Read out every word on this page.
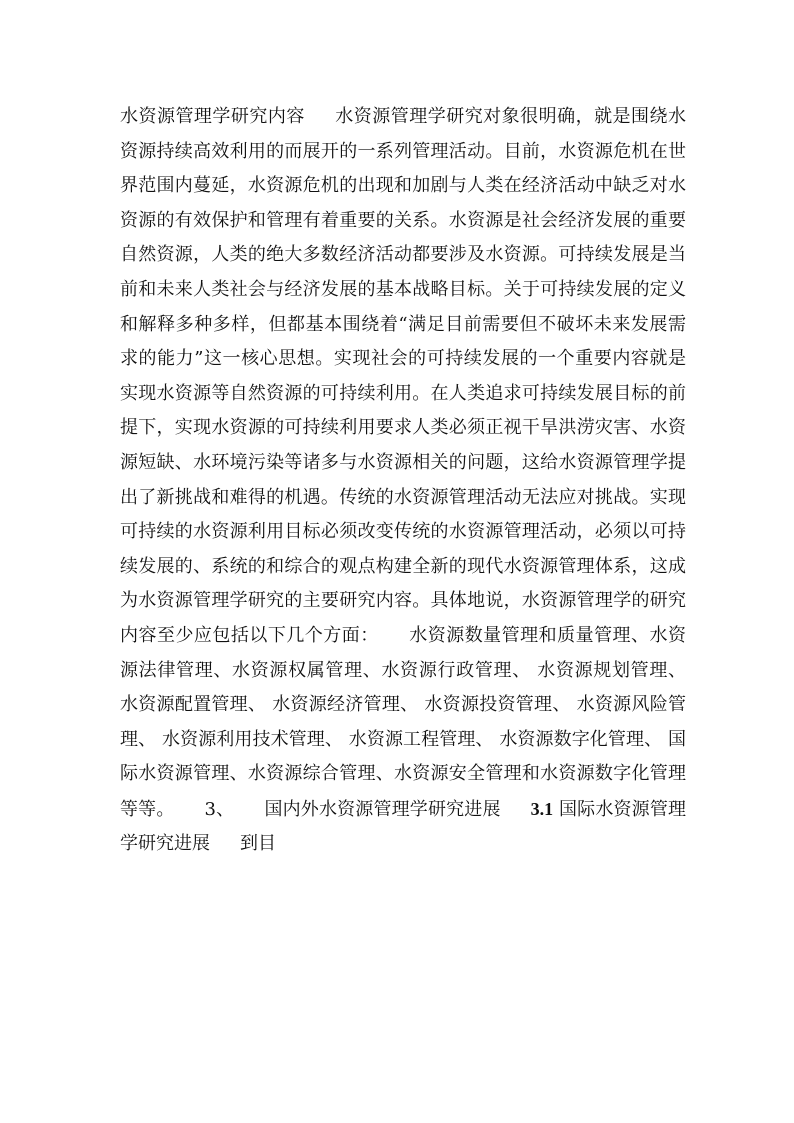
水资源管理学研究内容 水资源管理学研究对象很明确，就是围绕水资源持续高效利用的而展开的一系列管理活动。目前，水资源危机在世界范围内蔓延，水资源危机的出现和加剧与人类在经济活动中缺乏对水资源的有效保护和管理有着重要的关系。水资源是社会经济发展的重要自然资源，人类的绝大多数经济活动都要涉及水资源。可持续发展是当前和未来人类社会与经济发展的基本战略目标。关于可持续发展的定义和解释多种多样，但都基本围绕着“满足目前需要但不破坏未来发展需求的能力”这一核心思想。实现社会的可持续发展的一个重要内容就是实现水资源等自然资源的可持续利用。在人类追求可持续发展目标的前提下，实现水资源的可持续利用要求人类必须正视干旱洪涝灾害、水资源短缺、水环境污染等诸多与水资源相关的问题，这给水资源管理学提出了新挑战和难得的机遇。传统的水资源管理活动无法应对挑战。实现可持续的水资源利用目标必须改变传统的水资源管理活动，必须以可持续发展的、系统的和综合的观点构建全新的现代水资源管理体系，这成为水资源管理学研究的主要研究内容。具体地说，水资源管理学的研究内容至少应包括以下几个方面： 水资源数量管理和质量管理、水资源法律管理、水资源权属管理、水资源行政管理、 水资源规划管理、 水资源配置管理、 水资源经济管理、 水资源投资管理、 水资源风险管理、 水资源利用技术管理、 水资源工程管理、 水资源数字化管理、 国际水资源管理、水资源综合管理、水资源安全管理和水资源数字化管理等等。 3、 国内外水资源管理学研究进展 3.1 国际水资源管理学研究进展 到目
